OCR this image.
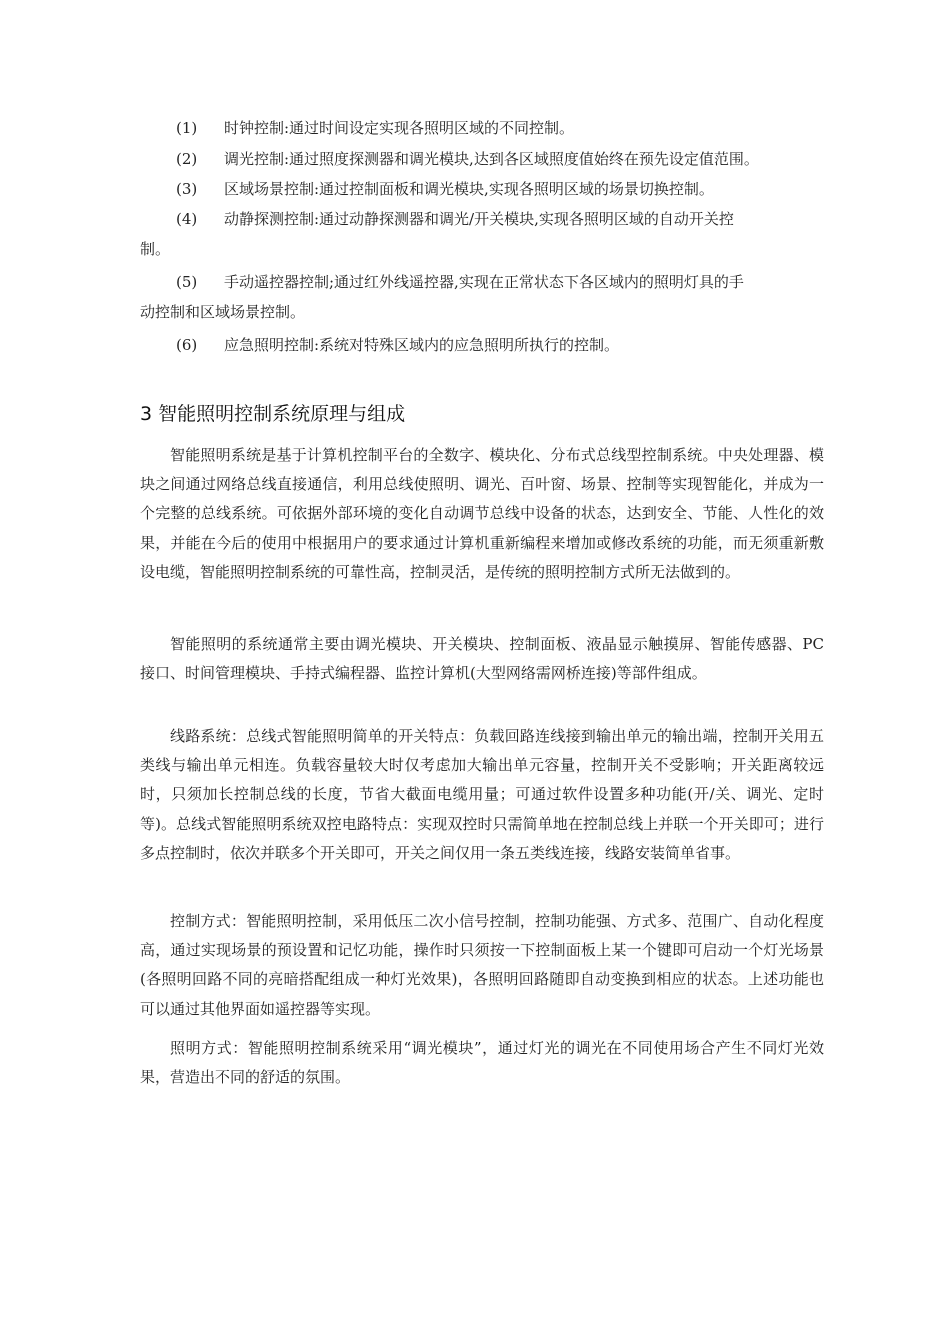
(1) 时钟控制:通过时间设定实现各照明区域的不同控制。
(2) 调光控制:通过照度探测器和调光模块,达到各区域照度值始终在预先设定值范围。
(3) 区域场景控制:通过控制面板和调光模块,实现各照明区域的场景切换控制。
(4) 动静探测控制:通过动静探测器和调光/开关模块,实现各照明区域的自动开关控
制。
(5) 手动遥控器控制;通过红外线遥控器,实现在正常状态下各区域内的照明灯具的手
动控制和区域场景控制。
(6) 应急照明控制:系统对特殊区域内的应急照明所执行的控制。
3 智能照明控制系统原理与组成
智能照明系统是基于计算机控制平台的全数字、模块化、分布式总线型控制系统。中央处理器、模块之间通过网络总线直接通信，利用总线使照明、调光、百叶窗、场景、控制等实现智能化，并成为一个完整的总线系统。可依据外部环境的变化自动调节总线中设备的状态，达到安全、节能、人性化的效果，并能在今后的使用中根据用户的要求通过计算机重新编程来增加或修改系统的功能，而无须重新敷设电缆，智能照明控制系统的可靠性高，控制灵活，是传统的照明控制方式所无法做到的。
智能照明的系统通常主要由调光模块、开关模块、控制面板、液晶显示触摸屏、智能传感器、PC 接口、时间管理模块、手持式编程器、监控计算机(大型网络需网桥连接)等部件组成。
线路系统：总线式智能照明简单的开关特点：负载回路连线接到输出单元的输出端，控制开关用五类线与输出单元相连。负载容量较大时仅考虑加大输出单元容量，控制开关不受影响；开关距离较远时，只须加长控制总线的长度，节省大截面电缆用量；可通过软件设置多种功能(开/关、调光、定时等)。总线式智能照明系统双控电路特点：实现双控时只需简单地在控制总线上并联一个开关即可；进行多点控制时，依次并联多个开关即可，开关之间仅用一条五类线连接，线路安装简单省事。
控制方式：智能照明控制，采用低压二次小信号控制，控制功能强、方式多、范围广、自动化程度高，通过实现场景的预设置和记忆功能，操作时只须按一下控制面板上某一个键即可启动一个灯光场景(各照明回路不同的亮暗搭配组成一种灯光效果)，各照明回路随即自动变换到相应的状态。上述功能也可以通过其他界面如遥控器等实现。
照明方式：智能照明控制系统采用“调光模块”，通过灯光的调光在不同使用场合产生不同灯光效果，营造出不同的舒适的氛围。
